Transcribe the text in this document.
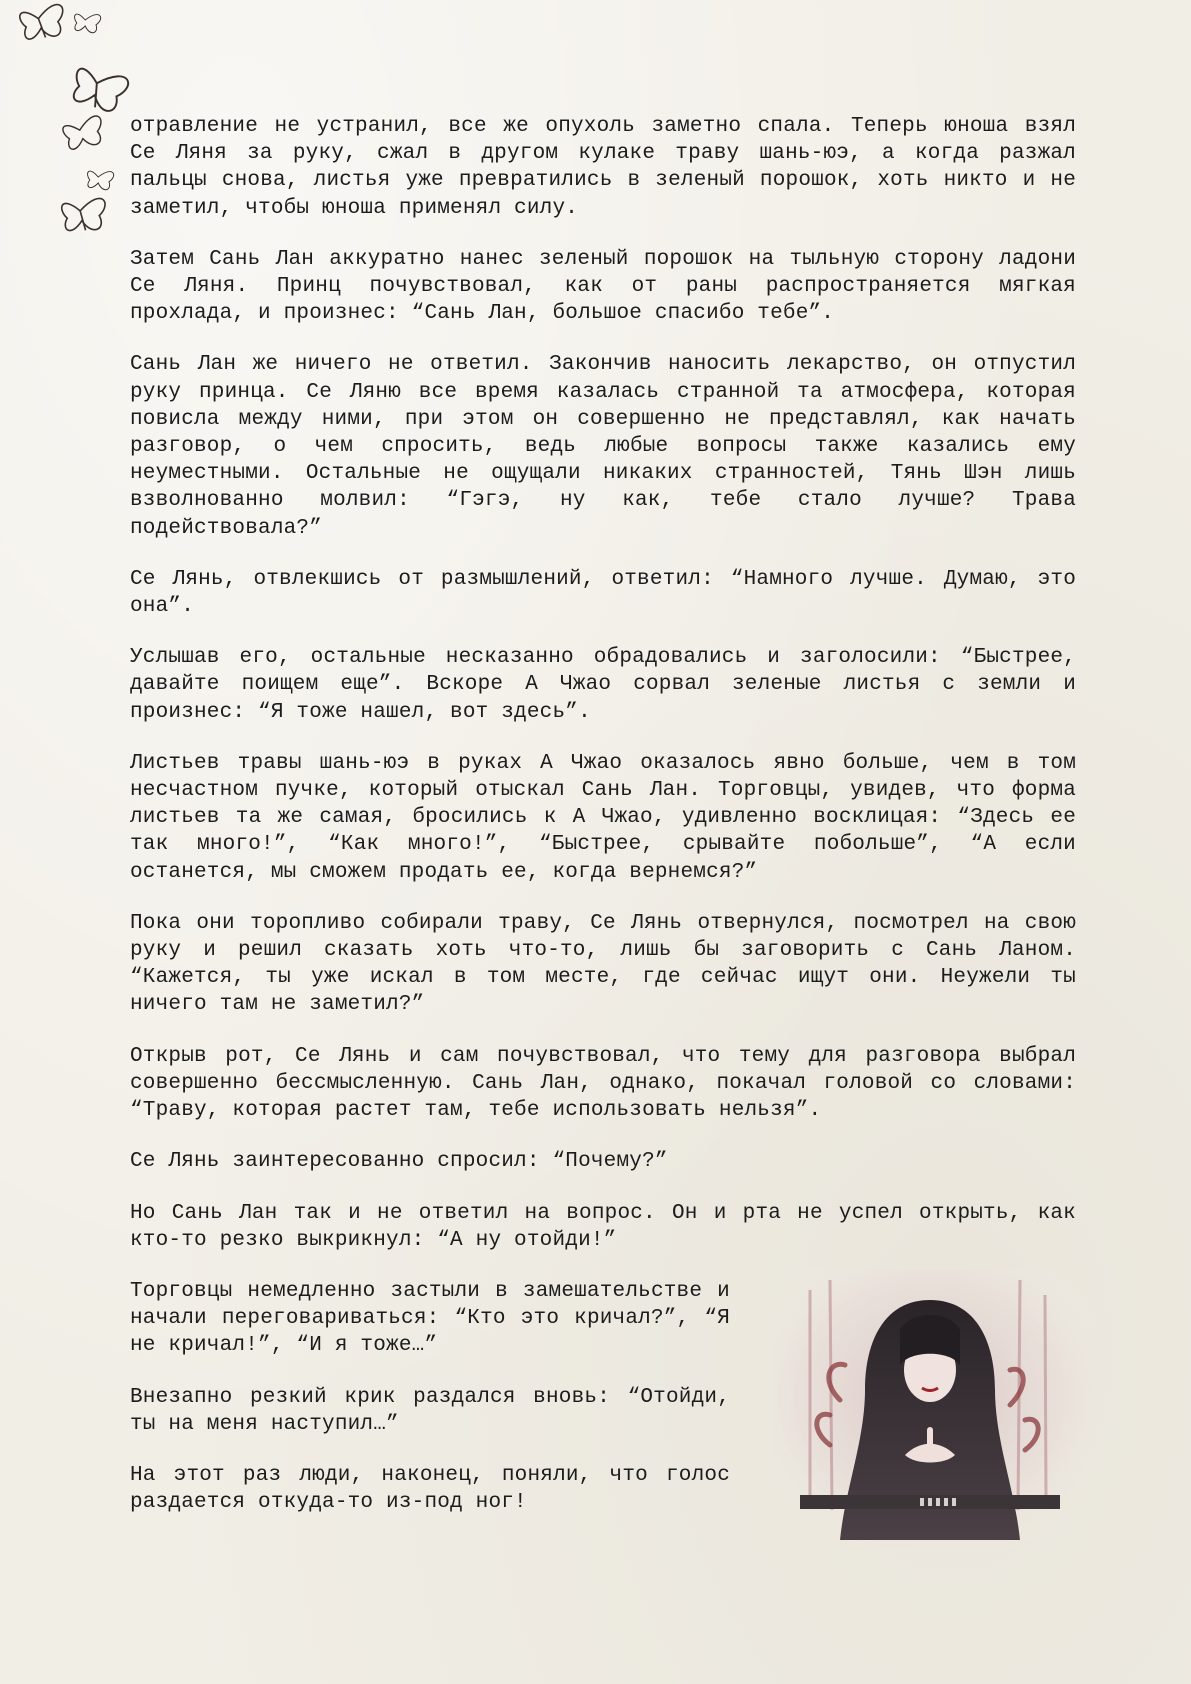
отравление не устранил, все же опухоль заметно спала. Теперь юноша взял Се Ляня за руку, сжал в другом кулаке траву шань-юэ, а когда разжал пальцы снова, листья уже превратились в зеленый порошок, хоть никто и не заметил, чтобы юноша применял силу.

Затем Сань Лан аккуратно нанес зеленый порошок на тыльную сторону ладони Се Ляня. Принц почувствовал, как от раны распространяется мягкая прохлада, и произнес: “Сань Лан, большое спасибо тебе”.

Сань Лан же ничего не ответил. Закончив наносить лекарство, он отпустил руку принца. Се Ляню все время казалась странной та атмосфера, которая повисла между ними, при этом он совершенно не представлял, как начать разговор, о чем спросить, ведь любые вопросы также казались ему неуместными. Остальные не ощущали никаких странностей, Тянь Шэн лишь взволнованно молвил: “Гэгэ, ну как, тебе стало лучше? Трава подействовала?”

Се Лянь, отвлекшись от размышлений, ответил: “Намного лучше. Думаю, это она”.

Услышав его, остальные несказанно обрадовались и заголосили: “Быстрее, давайте поищем еще”. Вскоре А Чжао сорвал зеленые листья с земли и произнес: “Я тоже нашел, вот здесь”.

Листьев травы шань-юэ в руках А Чжао оказалось явно больше, чем в том несчастном пучке, который отыскал Сань Лан. Торговцы, увидев, что форма листьев та же самая, бросились к А Чжао, удивленно восклицая: “Здесь ее так много!”, “Как много!”, “Быстрее, срывайте побольше”, “А если останется, мы сможем продать ее, когда вернемся?”

Пока они торопливо собирали траву, Се Лянь отвернулся, посмотрел на свою руку и решил сказать хоть что-то, лишь бы заговорить с Сань Ланом. “Кажется, ты уже искал в том месте, где сейчас ищут они. Неужели ты ничего там не заметил?”

Открыв рот, Се Лянь и сам почувствовал, что тему для разговора выбрал совершенно бессмысленную. Сань Лан, однако, покачал головой со словами: “Траву, которая растет там, тебе использовать нельзя”.

Се Лянь заинтересованно спросил: “Почему?”

Но Сань Лан так и не ответил на вопрос. Он и рта не успел открыть, как кто-то резко выкрикнул: “А ну отойди!”

Торговцы немедленно застыли в замешательстве и начали переговариваться: “Кто это кричал?”, “Я не кричал!”, “И я тоже…”

Внезапно резкий крик раздался вновь: “Отойди, ты на меня наступил…”

На этот раз люди, наконец, поняли, что голос раздается откуда-то из-под ног!
